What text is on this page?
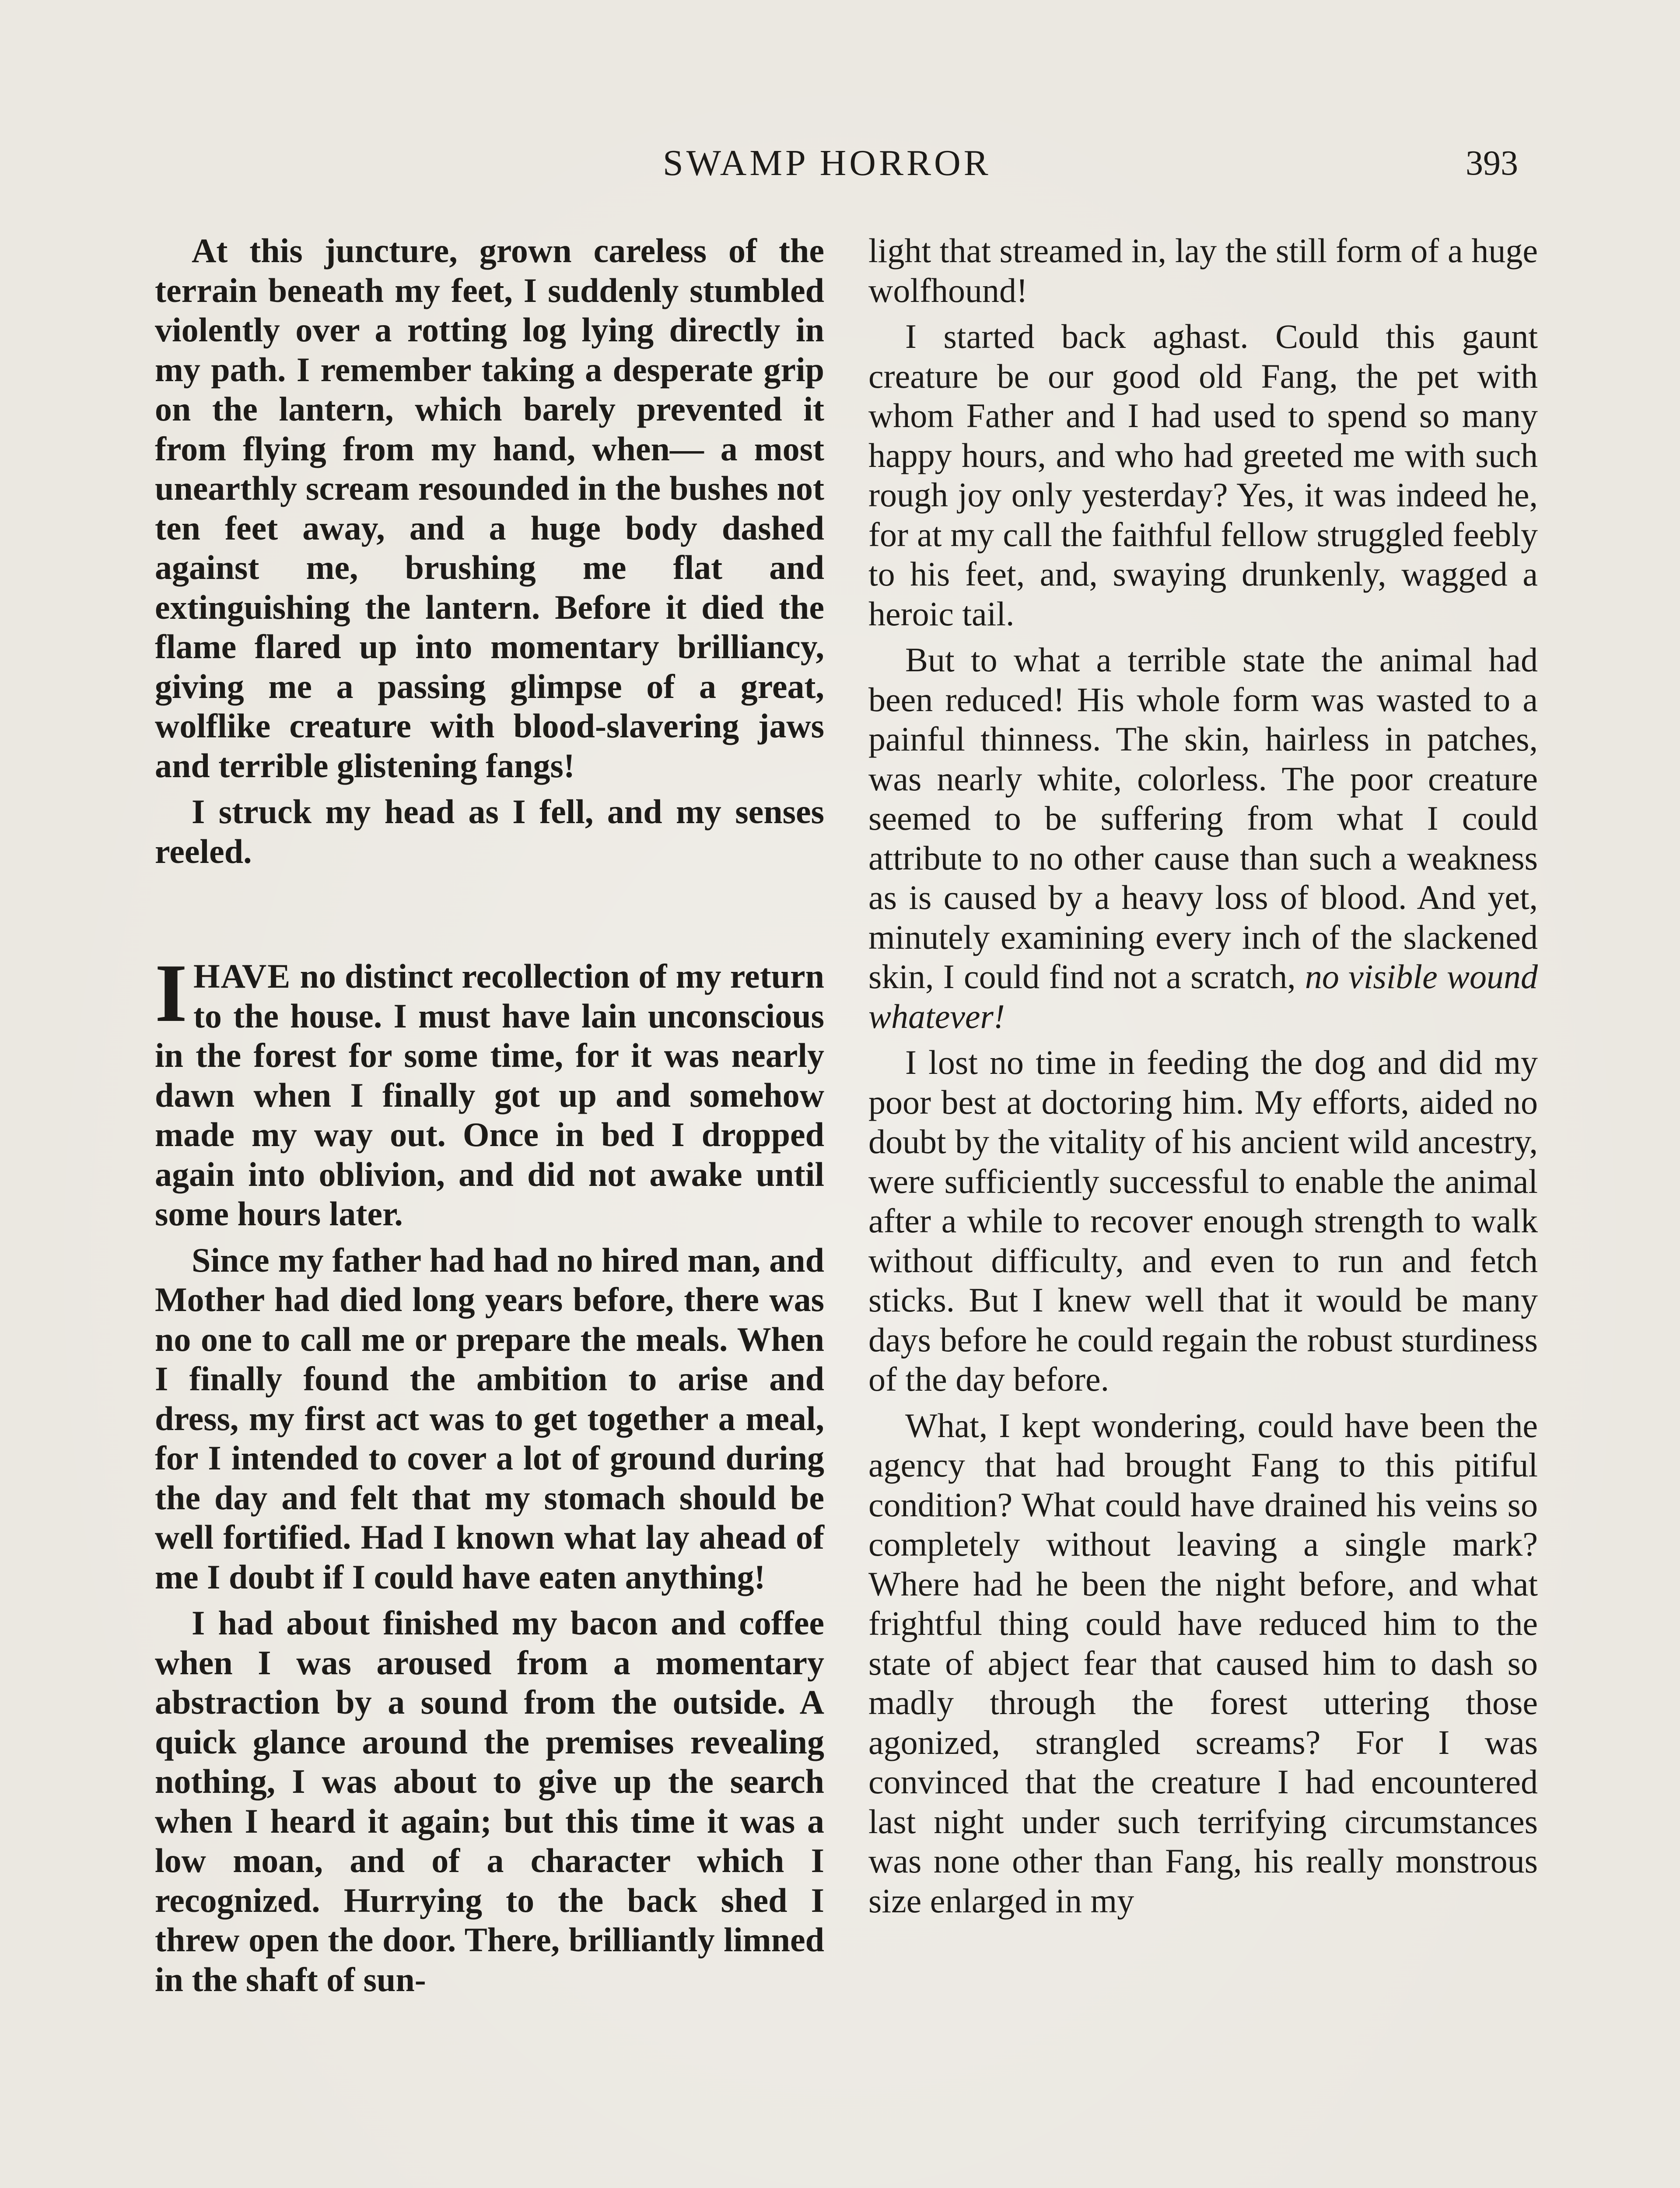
SWAMP HORROR	393

At this juncture, grown careless of the terrain beneath my feet, I suddenly stumbled violently over a rotting log lying directly in my path. I remember taking a desperate grip on the lantern, which barely prevented it from flying from my hand, when— a most unearthly scream resounded in the bushes not ten feet away, and a huge body dashed against me, brushing me flat and extinguishing the lantern. Before it died the flame flared up into momentary brilliancy, giving me a passing glimpse of a great, wolflike creature with blood-slavering jaws and terrible glistening fangs!

I struck my head as I fell, and my senses reeled.

IHAVE no distinct recollection of my return to the house. I must have lain unconscious in the forest for some time, for it was nearly dawn when I finally got up and somehow made my way out. Once in bed I dropped again into oblivion, and did not awake until some hours later.

Since my father had had no hired man, and Mother had died long years before, there was no one to call me or prepare the meals. When I finally found the ambition to arise and dress, my first act was to get together a meal, for I intended to cover a lot of ground during the day and felt that my stomach should be well fortified. Had I known what lay ahead of me I doubt if I could have eaten anything!

I had about finished my bacon and coffee when I was aroused from a momentary abstraction by a sound from the outside. A quick glance around the premises revealing nothing, I was about to give up the search when I heard it again; but this time it was a low moan, and of a character which I recognized. Hurrying to the back shed I threw open the door. There, brilliantly limned in the shaft of sun-

light that streamed in, lay the still form of a huge wolfhound!

I started back aghast. Could this gaunt creature be our good old Fang, the pet with whom Father and I had used to spend so many happy hours, and who had greeted me with such rough joy only yesterday? Yes, it was indeed he, for at my call the faithful fellow struggled feebly to his feet, and, swaying drunkenly, wagged a heroic tail.

But to what a terrible state the animal had been reduced! His whole form was wasted to a painful thinness. The skin, hairless in patches, was nearly white, colorless. The poor creature seemed to be suffering from what I could attribute to no other cause than such a weakness as is caused by a heavy loss of blood. And yet, minutely examining every inch of the slackened skin, I could find not a scratch, no visible wound whatever!

I lost no time in feeding the dog and did my poor best at doctoring him. My efforts, aided no doubt by the vitality of his ancient wild ancestry, were sufficiently successful to enable the animal after a while to recover enough strength to walk without difficulty, and even to run and fetch sticks. But I knew well that it would be many days before he could regain the robust sturdiness of the day before.

What, I kept wondering, could have been the agency that had brought Fang to this pitiful condition? What could have drained his veins so completely without leaving a single mark? Where had he been the night before, and what frightful thing could have reduced him to the state of abject fear that caused him to dash so madly through the forest uttering those agonized, strangled screams? For I was convinced that the creature I had encountered last night under such terrifying circumstances was none other than Fang, his really monstrous size enlarged in my
